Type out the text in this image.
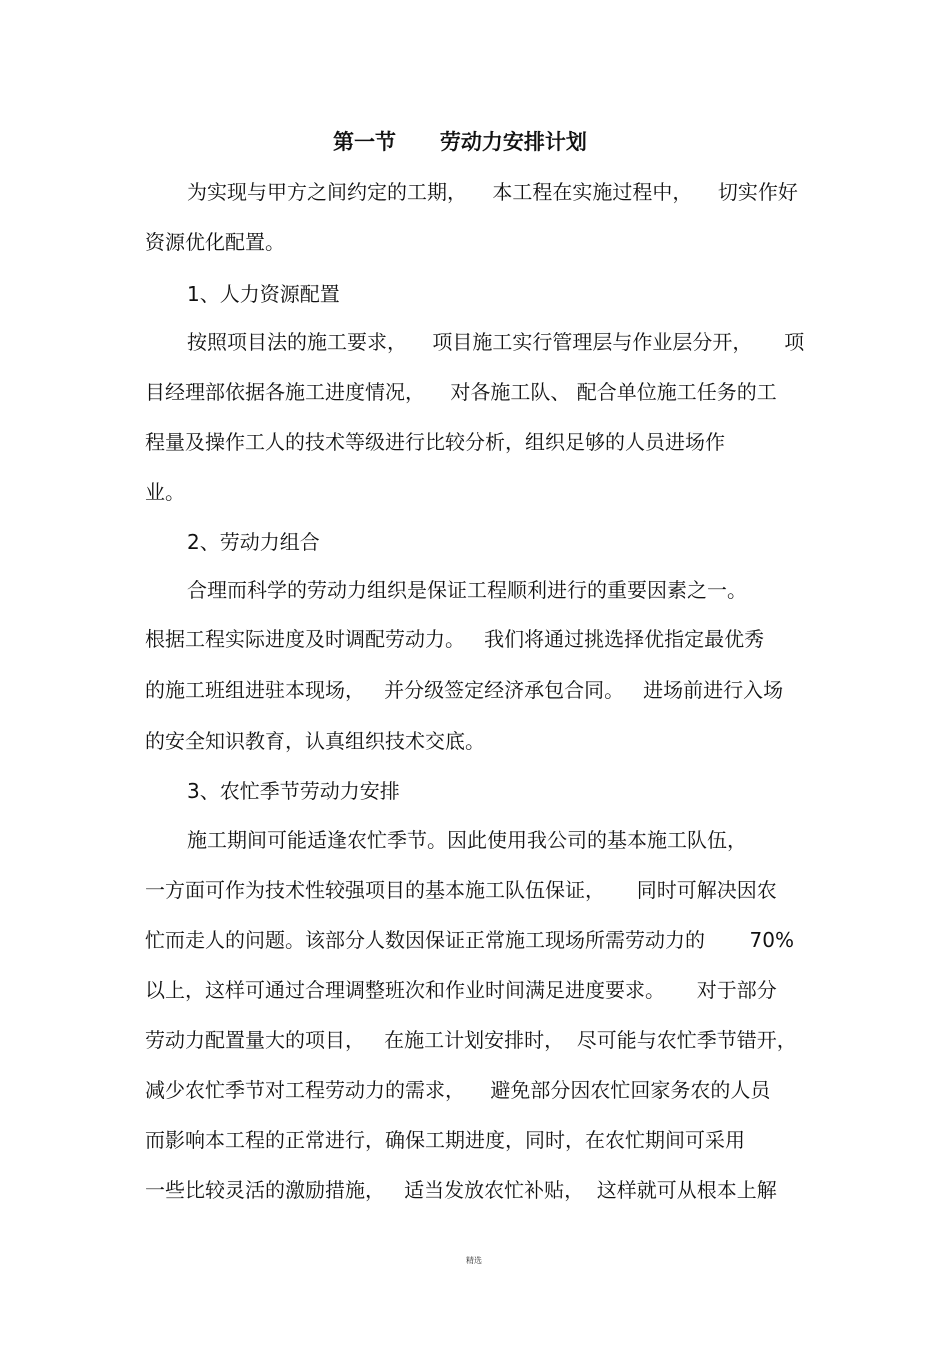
第一节      劳动力安排计划

为实现与甲方之间约定的工期，    本工程在实施过程中，    切实作好

资源优化配置。

1、人力资源配置

按照项目法的施工要求，    项目施工实行管理层与作业层分开，     项

目经理部依据各施工进度情况，    对各施工队、 配合单位施工任务的工

程量及操作工人的技术等级进行比较分析，组织足够的人员进场作

业。

2、劳动力组合

合理而科学的劳动力组织是保证工程顺利进行的重要因素之一。

根据工程实际进度及时调配劳动力。   我们将通过挑选择优指定最优秀

的施工班组进驻本现场，   并分级签定经济承包合同。   进场前进行入场

的安全知识教育，认真组织技术交底。

3、农忙季节劳动力安排

施工期间可能适逢农忙季节。因此使用我公司的基本施工队伍，

一方面可作为技术性较强项目的基本施工队伍保证，     同时可解决因农

忙而走人的问题。该部分人数因保证正常施工现场所需劳动力的       70%

以上，这样可通过合理调整班次和作业时间满足进度要求。     对于部分

劳动力配置量大的项目，   在施工计划安排时，  尽可能与农忙季节错开，

减少农忙季节对工程劳动力的需求，    避免部分因农忙回家务农的人员

而影响本工程的正常进行，确保工期进度，同时，在农忙期间可采用

一些比较灵活的激励措施，   适当发放农忙补贴，  这样就可从根本上解

精选
